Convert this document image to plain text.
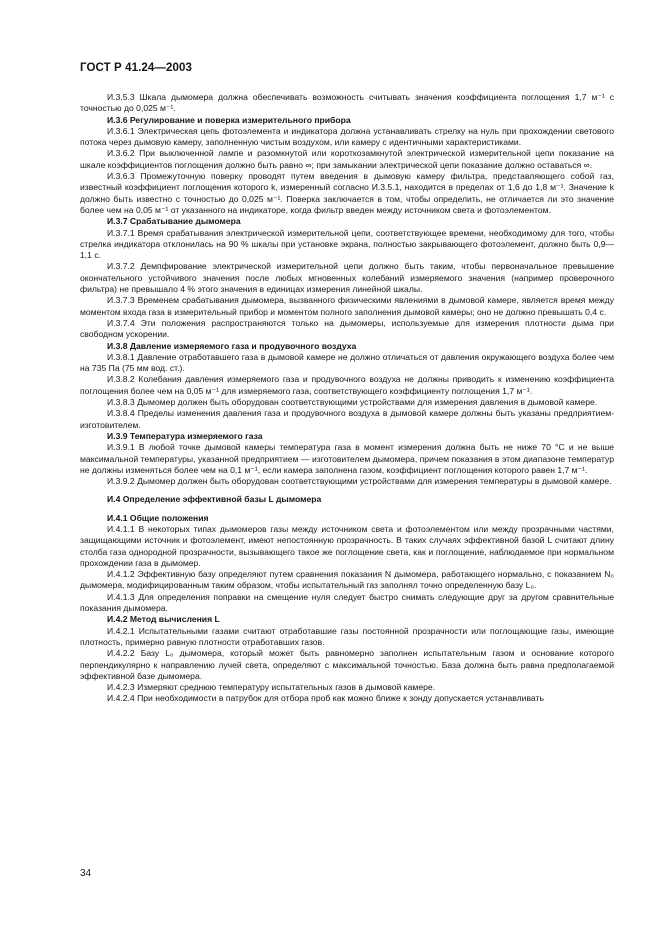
ГОСТ Р 41.24—2003

И.3.5.3 Шкала дымомера должна обеспечивать возможность считывать значения коэффициента поглощения 1,7 м⁻¹ с точностью до 0,025 м⁻¹.

И.3.6 Регулирование и поверка измерительного прибора

И.3.6.1 Электрическая цепь фотоэлемента и индикатора должна устанавливать стрелку на нуль при прохождении светового потока через дымовую камеру, заполненную чистым воздухом, или камеру с идентичными характеристиками.

И.3.6.2 При выключенной лампе и разомкнутой или короткозамкнутой электрической измерительной цепи показание на шкале коэффициентов поглощения должно быть равно ∞; при замыкании электрической цепи показание должно оставаться ∞.

И.3.6.3 Промежуточную поверку проводят путем введения в дымовую камеру фильтра, представляющего собой газ, известный коэффициент поглощения которого k, измеренный согласно И.3.5.1, находится в пределах от 1,6 до 1,8 м⁻¹. Значение k должно быть известно с точностью до 0,025 м⁻¹. Поверка заключается в том, чтобы определить, не отличается ли это значение более чем на 0,05 м⁻¹ от указанного на индикаторе, когда фильтр введен между источником света и фотоэлементом.

И.3.7 Срабатывание дымомера

И.3.7.1 Время срабатывания электрической измерительной цепи, соответствующее времени, необходимому для того, чтобы стрелка индикатора отклонилась на 90 % шкалы при установке экрана, полностью закрывающего фотоэлемент, должно быть 0,9—1,1 с.

И.3.7.2 Демпфирование электрической измерительной цепи должно быть таким, чтобы первоначальное превышение окончательного устойчивого значения после любых мгновенных колебаний измеряемого значения (например проверочного фильтра) не превышало 4 % этого значения в единицах измерения линейной шкалы.

И.3.7.3 Временем срабатывания дымомера, вызванного физическими явлениями в дымовой камере, является время между моментом входа газа в измерительный прибор и моментом полного заполнения дымовой камеры; оно не должно превышать 0,4 с.

И.3.7.4 Эти положения распространяются только на дымомеры, используемые для измерения плотности дыма при свободном ускорении.

И.3.8 Давление измеряемого газа и продувочного воздуха

И.3.8.1 Давление отработавшего газа в дымовой камере не должно отличаться от давления окружающего воздуха более чем на 735 Па (75 мм вод. ст.).

И.3.8.2 Колебания давления измеряемого газа и продувочного воздуха не должны приводить к изменению коэффициента поглощения более чем на 0,05 м⁻¹ для измеряемого газа, соответствующего коэффициенту поглощения 1,7 м⁻¹.

И.3.8.3 Дымомер должен быть оборудован соответствующими устройствами для измерения давления в дымовой камере.

И.3.8.4 Пределы изменения давления газа и продувочного воздуха в дымовой камере должны быть указаны предприятием-изготовителем.

И.3.9 Температура измеряемого газа

И.3.9.1 В любой точке дымовой камеры температура газа в момент измерения должна быть не ниже 70 °С и не выше максимальной температуры, указанной предприятием — изготовителем дымомера, причем показания в этом диапазоне температур не должны изменяться более чем на 0,1 м⁻¹, если камера заполнена газом, коэффициент поглощения которого равен 1,7 м⁻¹.

И.3.9.2 Дымомер должен быть оборудован соответствующими устройствами для измерения температуры в дымовой камере.

И.4 Определение эффективной базы L дымомера

И.4.1 Общие положения

И.4.1.1 В некоторых типах дымомеров газы между источником света и фотоэлементом или между прозрачными частями, защищающими источник и фотоэлемент, имеют непостоянную прозрачность. В таких случаях эффективной базой L считают длину столба газа однородной прозрачности, вызывающего такое же поглощение света, как и поглощение, наблюдаемое при нормальном прохождении газа в дымомер.

И.4.1.2 Эффективную базу определяют путем сравнения показания N дымомера, работающего нормально, с показанием N₀ дымомера, модифицированным таким образом, чтобы испытательный газ заполнял точно определенную базу L₀.

И.4.1.3 Для определения поправки на смещение нуля следует быстро снимать следующие друг за другом сравнительные показания дымомера.

И.4.2 Метод вычисления L

И.4.2.1 Испытательными газами считают отработавшие газы постоянной прозрачности или поглощающие газы, имеющие плотность, примерно равную плотности отработавших газов.

И.4.2.2 Базу L₀ дымомера, который может быть равномерно заполнен испытательным газом и основание которого перпендикулярно к направлению лучей света, определяют с максимальной точностью. База должна быть равна предполагаемой эффективной базе дымомера.

И.4.2.3 Измеряют среднюю температуру испытательных газов в дымовой камере.

И.4.2.4 При необходимости в патрубок для отбора проб как можно ближе к зонду допускается устанавливать

34
